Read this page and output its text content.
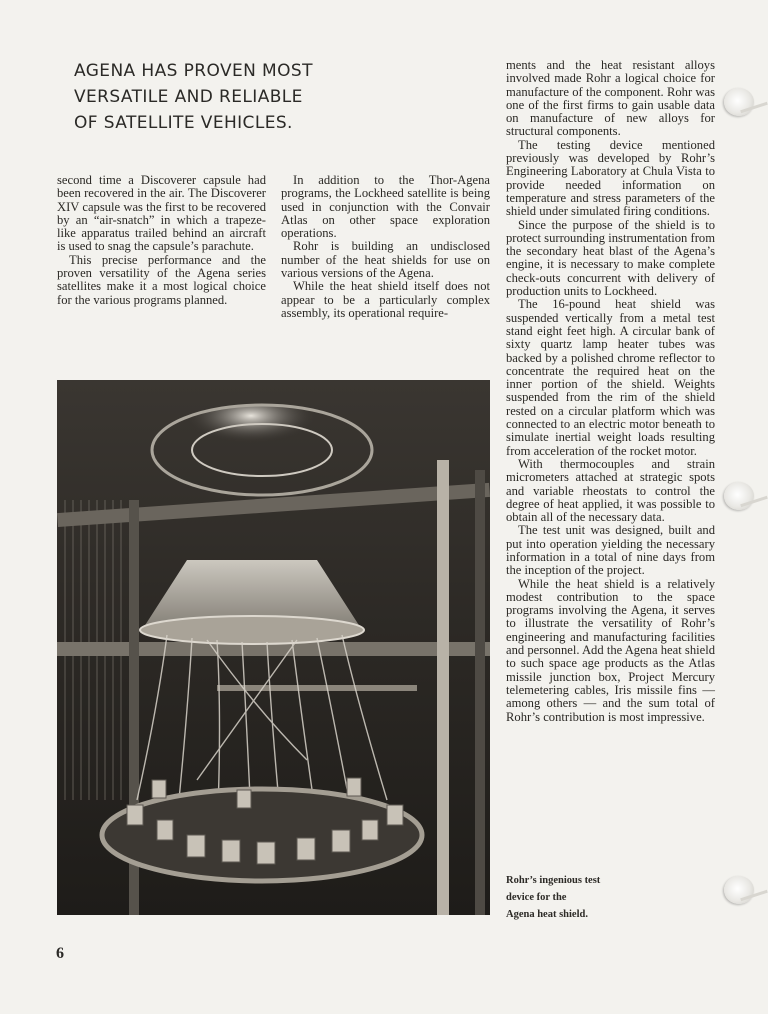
AGENA HAS PROVEN MOST
VERSATILE AND RELIABLE
OF SATELLITE VEHICLES.

second time a Discoverer capsule had been recovered in the air. The Discoverer XIV capsule was the first to be recovered by an “air-snatch” in which a trapeze-like apparatus trailed behind an aircraft is used to snag the capsule’s parachute.

This precise performance and the proven versatility of the Agena series satellites make it a most logical choice for the various programs planned.

In addition to the Thor-Agena programs, the Lockheed satellite is being used in conjunction with the Convair Atlas on other space exploration operations.

Rohr is building an undisclosed number of the heat shields for use on various versions of the Agena.

While the heat shield itself does not appear to be a particularly complex assembly, its operational require-

ments and the heat resistant alloys involved made Rohr a logical choice for manufacture of the component. Rohr was one of the first firms to gain usable data on manufacture of new alloys for structural components.

The testing device mentioned previously was developed by Rohr’s Engineering Laboratory at Chula Vista to provide needed information on temperature and stress parameters of the shield under simulated firing conditions.

Since the purpose of the shield is to protect surrounding instrumentation from the secondary heat blast of the Agena’s engine, it is necessary to make complete check-outs concurrent with delivery of production units to Lockheed.

The 16-pound heat shield was suspended vertically from a metal test stand eight feet high. A circular bank of sixty quartz lamp heater tubes was backed by a polished chrome reflector to concentrate the required heat on the inner portion of the shield. Weights suspended from the rim of the shield rested on a circular platform which was connected to an electric motor beneath to simulate inertial weight loads resulting from acceleration of the rocket motor.

With thermocouples and strain micrometers attached at strategic spots and variable rheostats to control the degree of heat applied, it was possible to obtain all of the necessary data.

The test unit was designed, built and put into operation yielding the necessary information in a total of nine days from the inception of the project.

While the heat shield is a relatively modest contribution to the space programs involving the Agena, it serves to illustrate the versatility of Rohr’s engineering and manufacturing facilities and personnel. Add the Agena heat shield to such space age products as the Atlas missile junction box, Project Mercury telemetering cables, Iris missile fins — among others — and the sum total of Rohr’s contribution is most impressive.

Rohr’s ingenious test
device for the
Agena heat shield.
6
